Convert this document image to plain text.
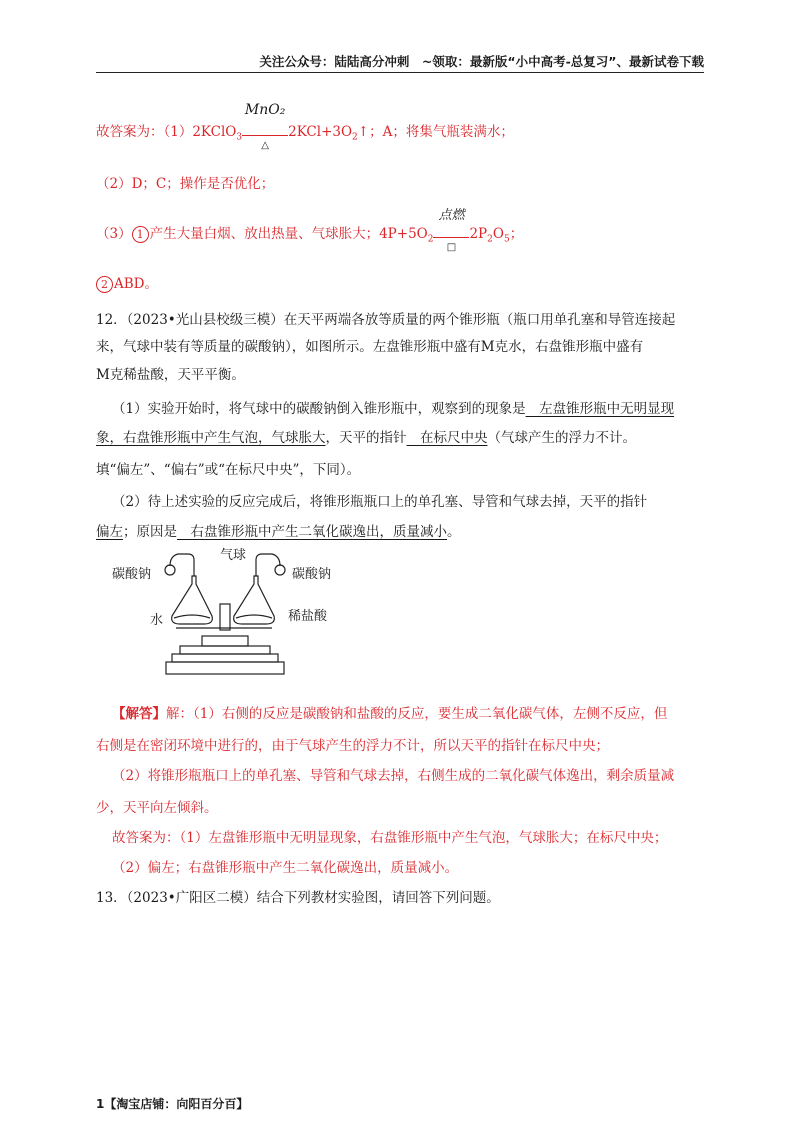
关注公众号：陆陆高分冲刺　~领取：最新版“小中高考-总复习”、最新试卷下载
故答案为：（1）2KClO$_3$
MnO₂
△
$2KCl+3O_2↑$；A；将集气瓶装满水；
（2）D；C；操作是否优化；
（3） 1 产生大量白烟、放出热量、气球胀大；$4P+5O_2$
点燃
□
$2P_2O_5$；
2 ABD。
12．（2023•光山县校级三模）在天平两端各放等质量的两个锥形瓶（瓶口用单孔塞和导管连接起
来，气球中装有等质量的碳酸钠），如图所示。左盘锥形瓶中盛有M克水，右盘锥形瓶中盛有
M克稀盐酸，天平平衡。
（1）实验开始时，将气球中的碳酸钠倒入锥形瓶中，观察到的现象是　左盘锥形瓶中无明显现
象，右盘锥形瓶中产生气泡，气球胀大，天平的指针　在标尺中央（气球产生的浮力不计。
填“偏左”、“偏右”或“在标尺中央”，下同）。
（2）待上述实验的反应完成后，将锥形瓶瓶口上的单孔塞、导管和气球去掉，天平的指针
偏左；原因是　右盘锥形瓶中产生二氧化碳逸出，质量减小。
气球
碳酸钠	碳酸钠
水	稀盐酸
【解答】解：（1）右侧的反应是碳酸钠和盐酸的反应，要生成二氧化碳气体，左侧不反应，但
右侧是在密闭环境中进行的，由于气球产生的浮力不计，所以天平的指针在标尺中央；
（2）将锥形瓶瓶口上的单孔塞、导管和气球去掉，右侧生成的二氧化碳气体逸出，剩余质量减
少，天平向左倾斜。
故答案为：（1）左盘锥形瓶中无明显现象，右盘锥形瓶中产生气泡，气球胀大；在标尺中央；
（2）偏左；右盘锥形瓶中产生二氧化碳逸出，质量减小。
13．（2023•广阳区二模）结合下列教材实验图，请回答下列问题。
1【淘宝店铺：向阳百分百】
